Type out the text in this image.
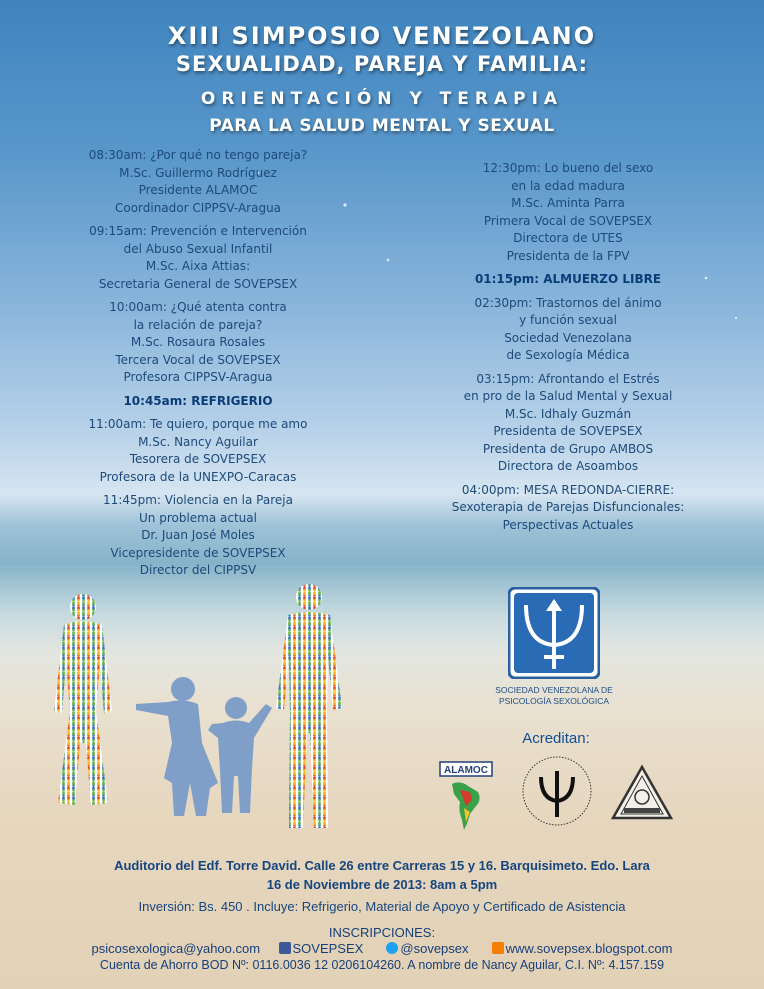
XIII SIMPOSIO VENEZOLANO
SEXUALIDAD, PAREJA Y FAMILIA:
ORIENTACIÓN Y TERAPIA
PARA LA SALUD MENTAL Y SEXUAL
08:30am: ¿Por qué no tengo pareja?
M.Sc. Guillermo Rodríguez
Presidente ALAMOC
Coordinador CIPPSV-Aragua
09:15am: Prevención e Intervención
del Abuso Sexual Infantil
M.Sc. Aixa Attias:
Secretaria General de SOVEPSEX
10:00am: ¿Qué atenta contra
la relación de pareja?
M.Sc. Rosaura Rosales
Tercera Vocal de SOVEPSEX
Profesora CIPPSV-Aragua
10:45am: REFRIGERIO
11:00am: Te quiero, porque me amo
M.Sc. Nancy Aguilar
Tesorera de SOVEPSEX
Profesora de la UNEXPO-Caracas
11:45pm: Violencia en la Pareja
Un problema actual
Dr. Juan José Moles
Vicepresidente de SOVEPSEX
Director del CIPPSV
12:30pm: Lo bueno del sexo
en la edad madura
M.Sc. Aminta Parra
Primera Vocal de SOVEPSEX
Directora de UTES
Presidenta de la FPV
01:15pm: ALMUERZO LIBRE
02:30pm: Trastornos del ánimo
y función sexual
Sociedad Venezolana
de Sexología Médica
03:15pm: Afrontando el Estrés
en pro de la Salud Mental y Sexual
M.Sc. Idhaly Guzmán
Presidenta de SOVEPSEX
Presidenta de Grupo AMBOS
Directora de Asoambos
04:00pm: MESA REDONDA-CIERRE:
Sexoterapia de Parejas Disfuncionales:
Perspectivas Actuales
SOCIEDAD VENEZOLANA DE
PSICOLOGÍA SEXOLÓGICA
Acreditan:
ALAMOC
Auditorio del Edf. Torre David. Calle 26 entre Carreras 15 y 16. Barquisimeto. Edo. Lara
16 de Noviembre de 2013: 8am a 5pm
Inversión: Bs. 450 . Incluye: Refrigerio, Material de Apoyo y Certificado de Asistencia
INSCRIPCIONES:
psicosexologica@yahoo.com SOVEPSEX	@sovepsex	www.sovepsex.blogspot.com
Cuenta de Ahorro BOD Nº: 0116.0036 12 0206104260. A nombre de Nancy Aguilar, C.I. Nº: 4.157.159
